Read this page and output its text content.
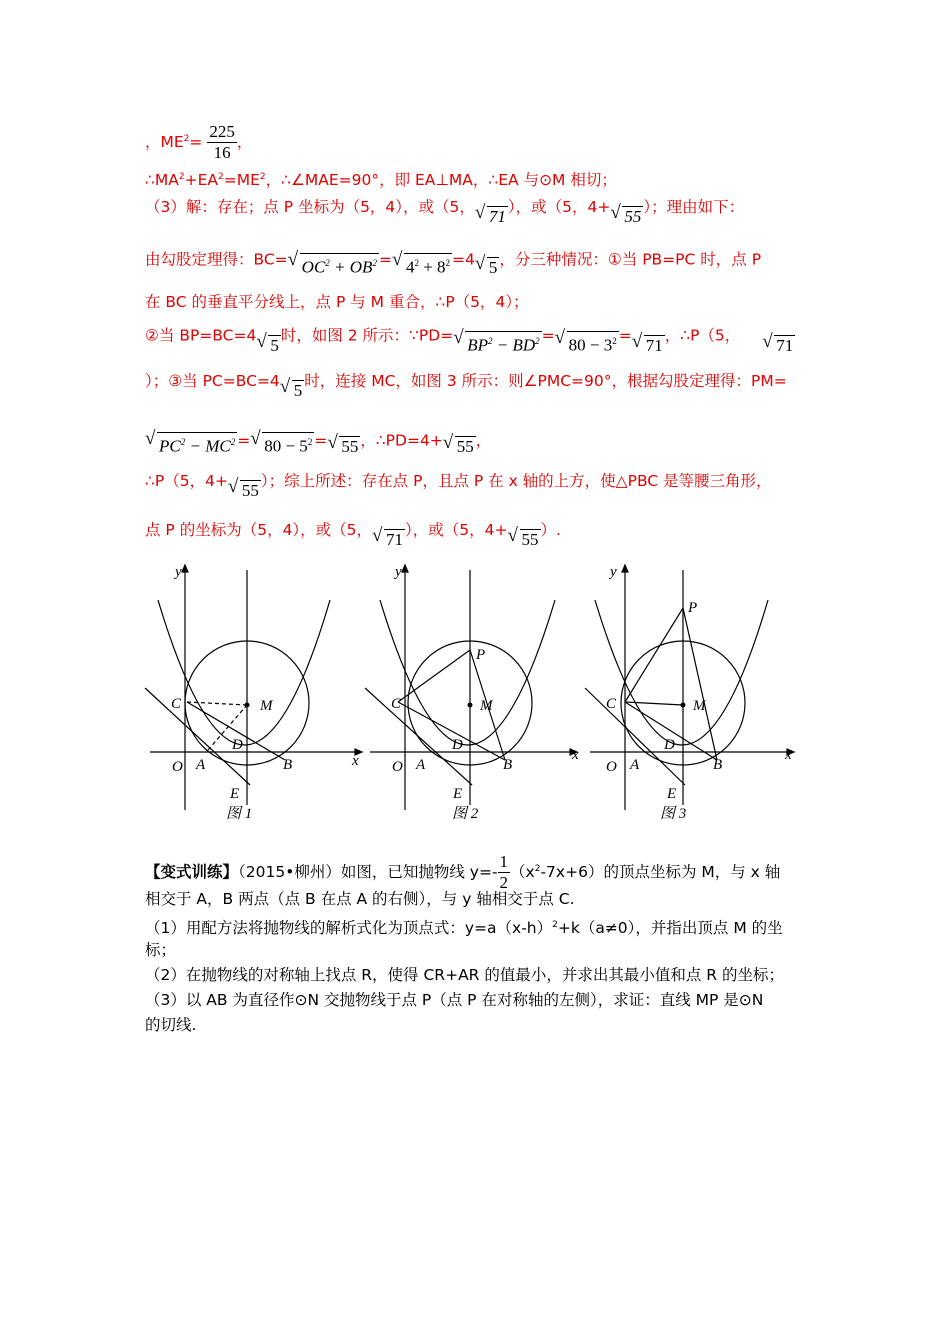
，$ME^2= \frac{225}{16}$ ，
$\therefore MA^2+EA^2=ME^2$，∴∠MAE=90°，即 EA⊥MA，∴EA 与⊙M 相切；
（3）解：存在；点 P 坐标为（5，4），或（5，√ 71 ），或（5，4+√ 55 ）；理由如下：
由勾股定理得：BC=√ $OC^2 + OB^2$ =√ $4^2 + 8^2 =4√$ 5 ，分三种情况：①当 PB=PC 时，点 P
在 BC 的垂直平分线上，点 P 与 M 重合，∴P（5，4）；
②当 BP=BC=4√ 5 时，如图 2 所示：∵PD=√ $BP^2 - BD^2$ =√ $80 - 3^2$ =√ 71 ，∴P（5，√ 71
）；③当 PC=BC=4√ 5 时，连接 MC，如图 3 所示：则∠PMC=90°，根据勾股定理得：PM=
√ $PC^2 - MC^2$ =√ $80 - 5^2$ =√ 55 ，∴PD=4+√ 55 ，
∴P（5，4+√ 55 ）；综上所述：存在点 P，且点 P 在 x 轴的上方，使△PBC 是等腰三角形，
点 P 的坐标为（5，4），或（5，√ 71 ），或（5，4+√ 55 ）.
y
x
O A	B
C
D
E
M
图 1
y
x
O A	B
C
D
E
M
P
图 2
y
x
O A	B
C
D
E
M
P
图 3
【变式训练】（2015•柳州）如图，已知抛物线 $y=- \frac{1}{2} (x^2-7x+6)$的顶点坐标为 M，与 x 轴
相交于 A，B 两点（点 B 在点 A 的右侧），与 y 轴相交于点 C.
（1）用配方法将抛物线的解析式化为顶点式：$y=a(x-h)^2+k(a\ne 0)$，并指出顶点 M 的坐
标；
（2）在抛物线的对称轴上找点 R，使得 CR+AR 的值最小，并求出其最小值和点 R 的坐标；
（3）以 AB 为直径作⊙N 交抛物线于点 P（点 P 在对称轴的左侧），求证：直线 MP 是⊙N
的切线.
